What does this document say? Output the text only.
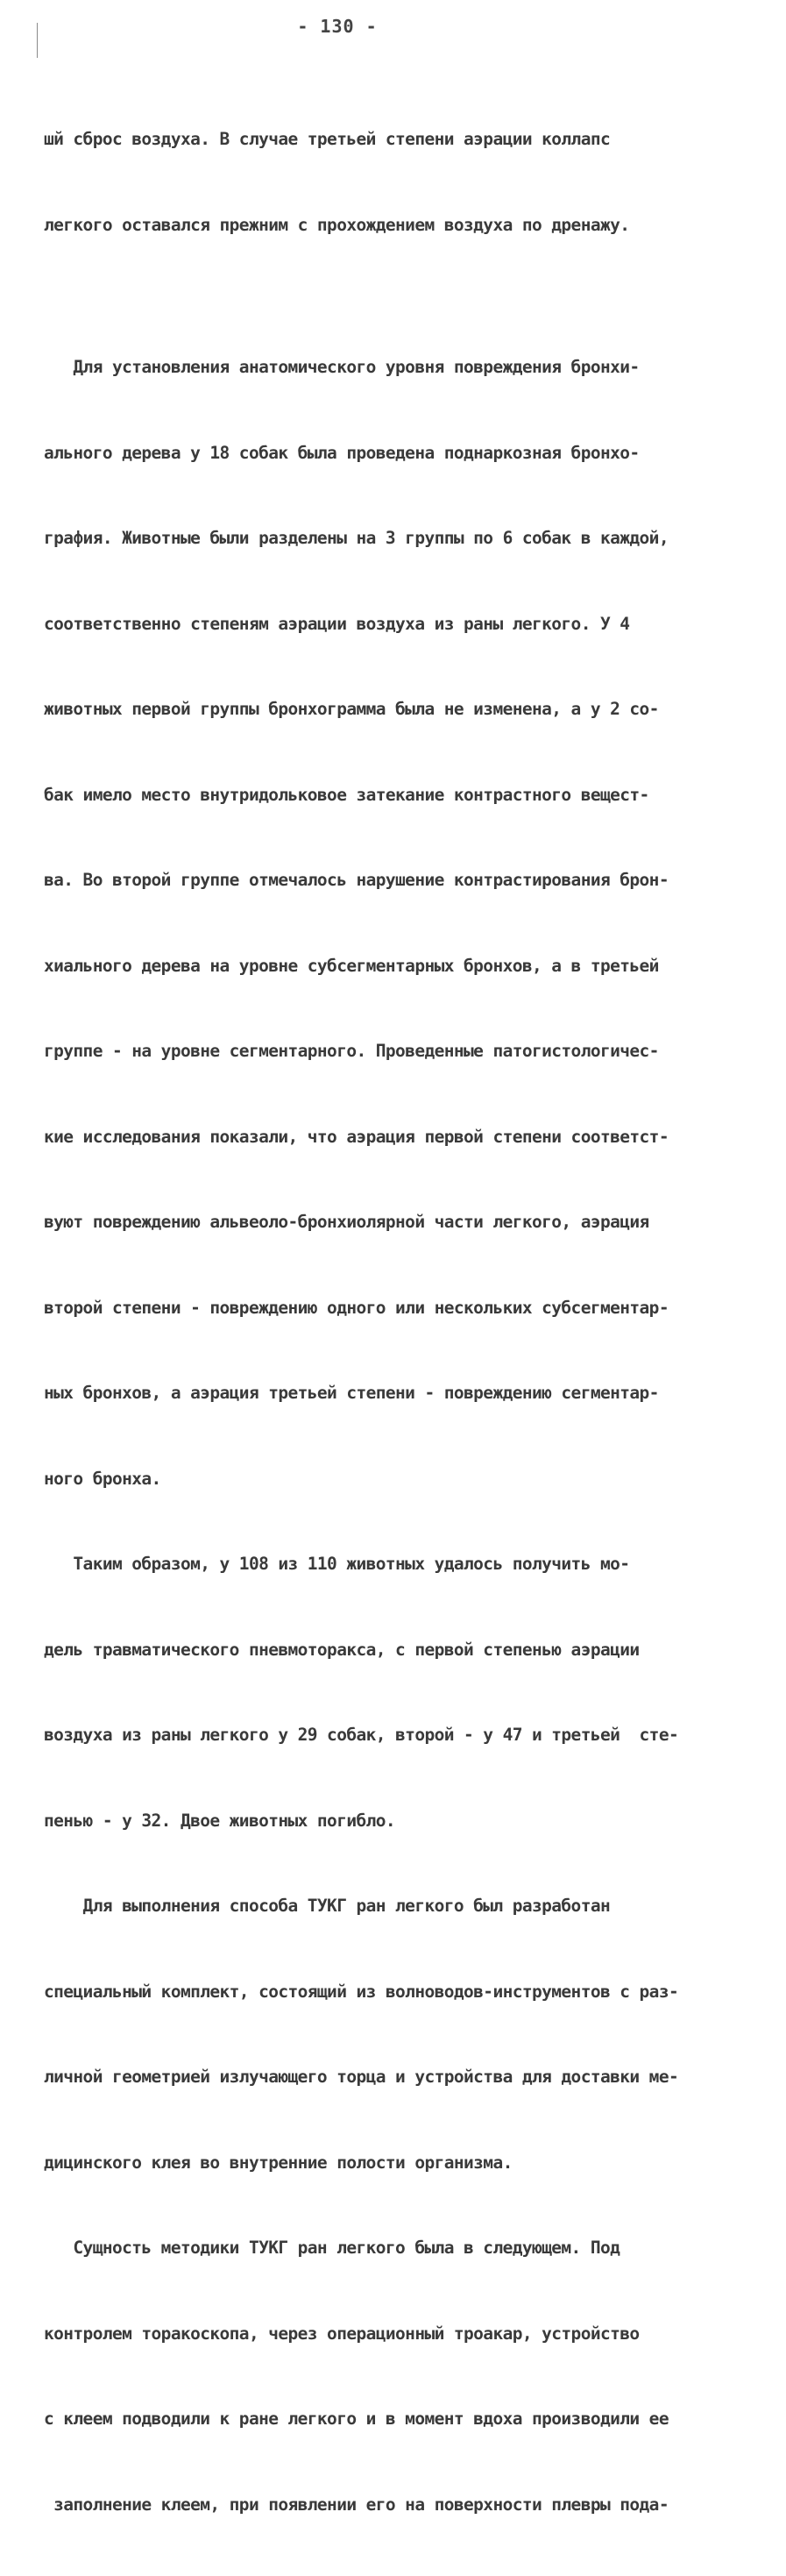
- 130 -

шй сброс воздуха. В случае третьей степени аэрации коллапс

легкого оставался прежним с прохождением воздуха по дренажу.

Для установления анатомического уровня повреждения бронхи-

ального дерева у 18 собак была проведена поднаркозная бронхо-

графия. Животные были разделены на 3 группы по 6 собак в каждой,

соответственно степеням аэрации воздуха из раны легкого. У 4

животных первой группы бронхограмма была не изменена, а у 2 со-

бак имело место внутридольковое затекание контрастного вещест-

ва. Во второй группе отмечалось нарушение контрастирования брон-

хиального дерева на уровне субсегментарных бронхов, а в третьей

группе - на уровне сегментарного. Проведенные патогистологичес-

кие исследования показали, что аэрация первой степени соответст-

вуют повреждению альвеоло-бронхиолярной части легкого, аэрация

второй степени - повреждению одного или нескольких субсегментар-

ных бронхов, а аэрация третьей степени - повреждению сегментар-

ного бронха.

Таким образом, у 108 из 110 животных удалось получить мо-

дель травматического пневмоторакса, с первой степенью аэрации

воздуха из раны легкого у 29 собак, второй - у 47 и третьей  сте-

пенью - у 32. Двое животных погибло.

Для выполнения способа ТУКГ ран легкого был разработан

специальный комплект, состоящий из волноводов-инструментов с раз-

личной геометрией излучающего торца и устройства для доставки ме-

дицинского клея во внутренние полости организма.

Сущность методики ТУКГ ран легкого была в следующем. Под

контролем торакоскопа, через операционный троакар, устройство

с клеем подводили к ране легкого и в момент вдоха производили ее

заполнение клеем, при появлении его на поверхности плевры пода-
